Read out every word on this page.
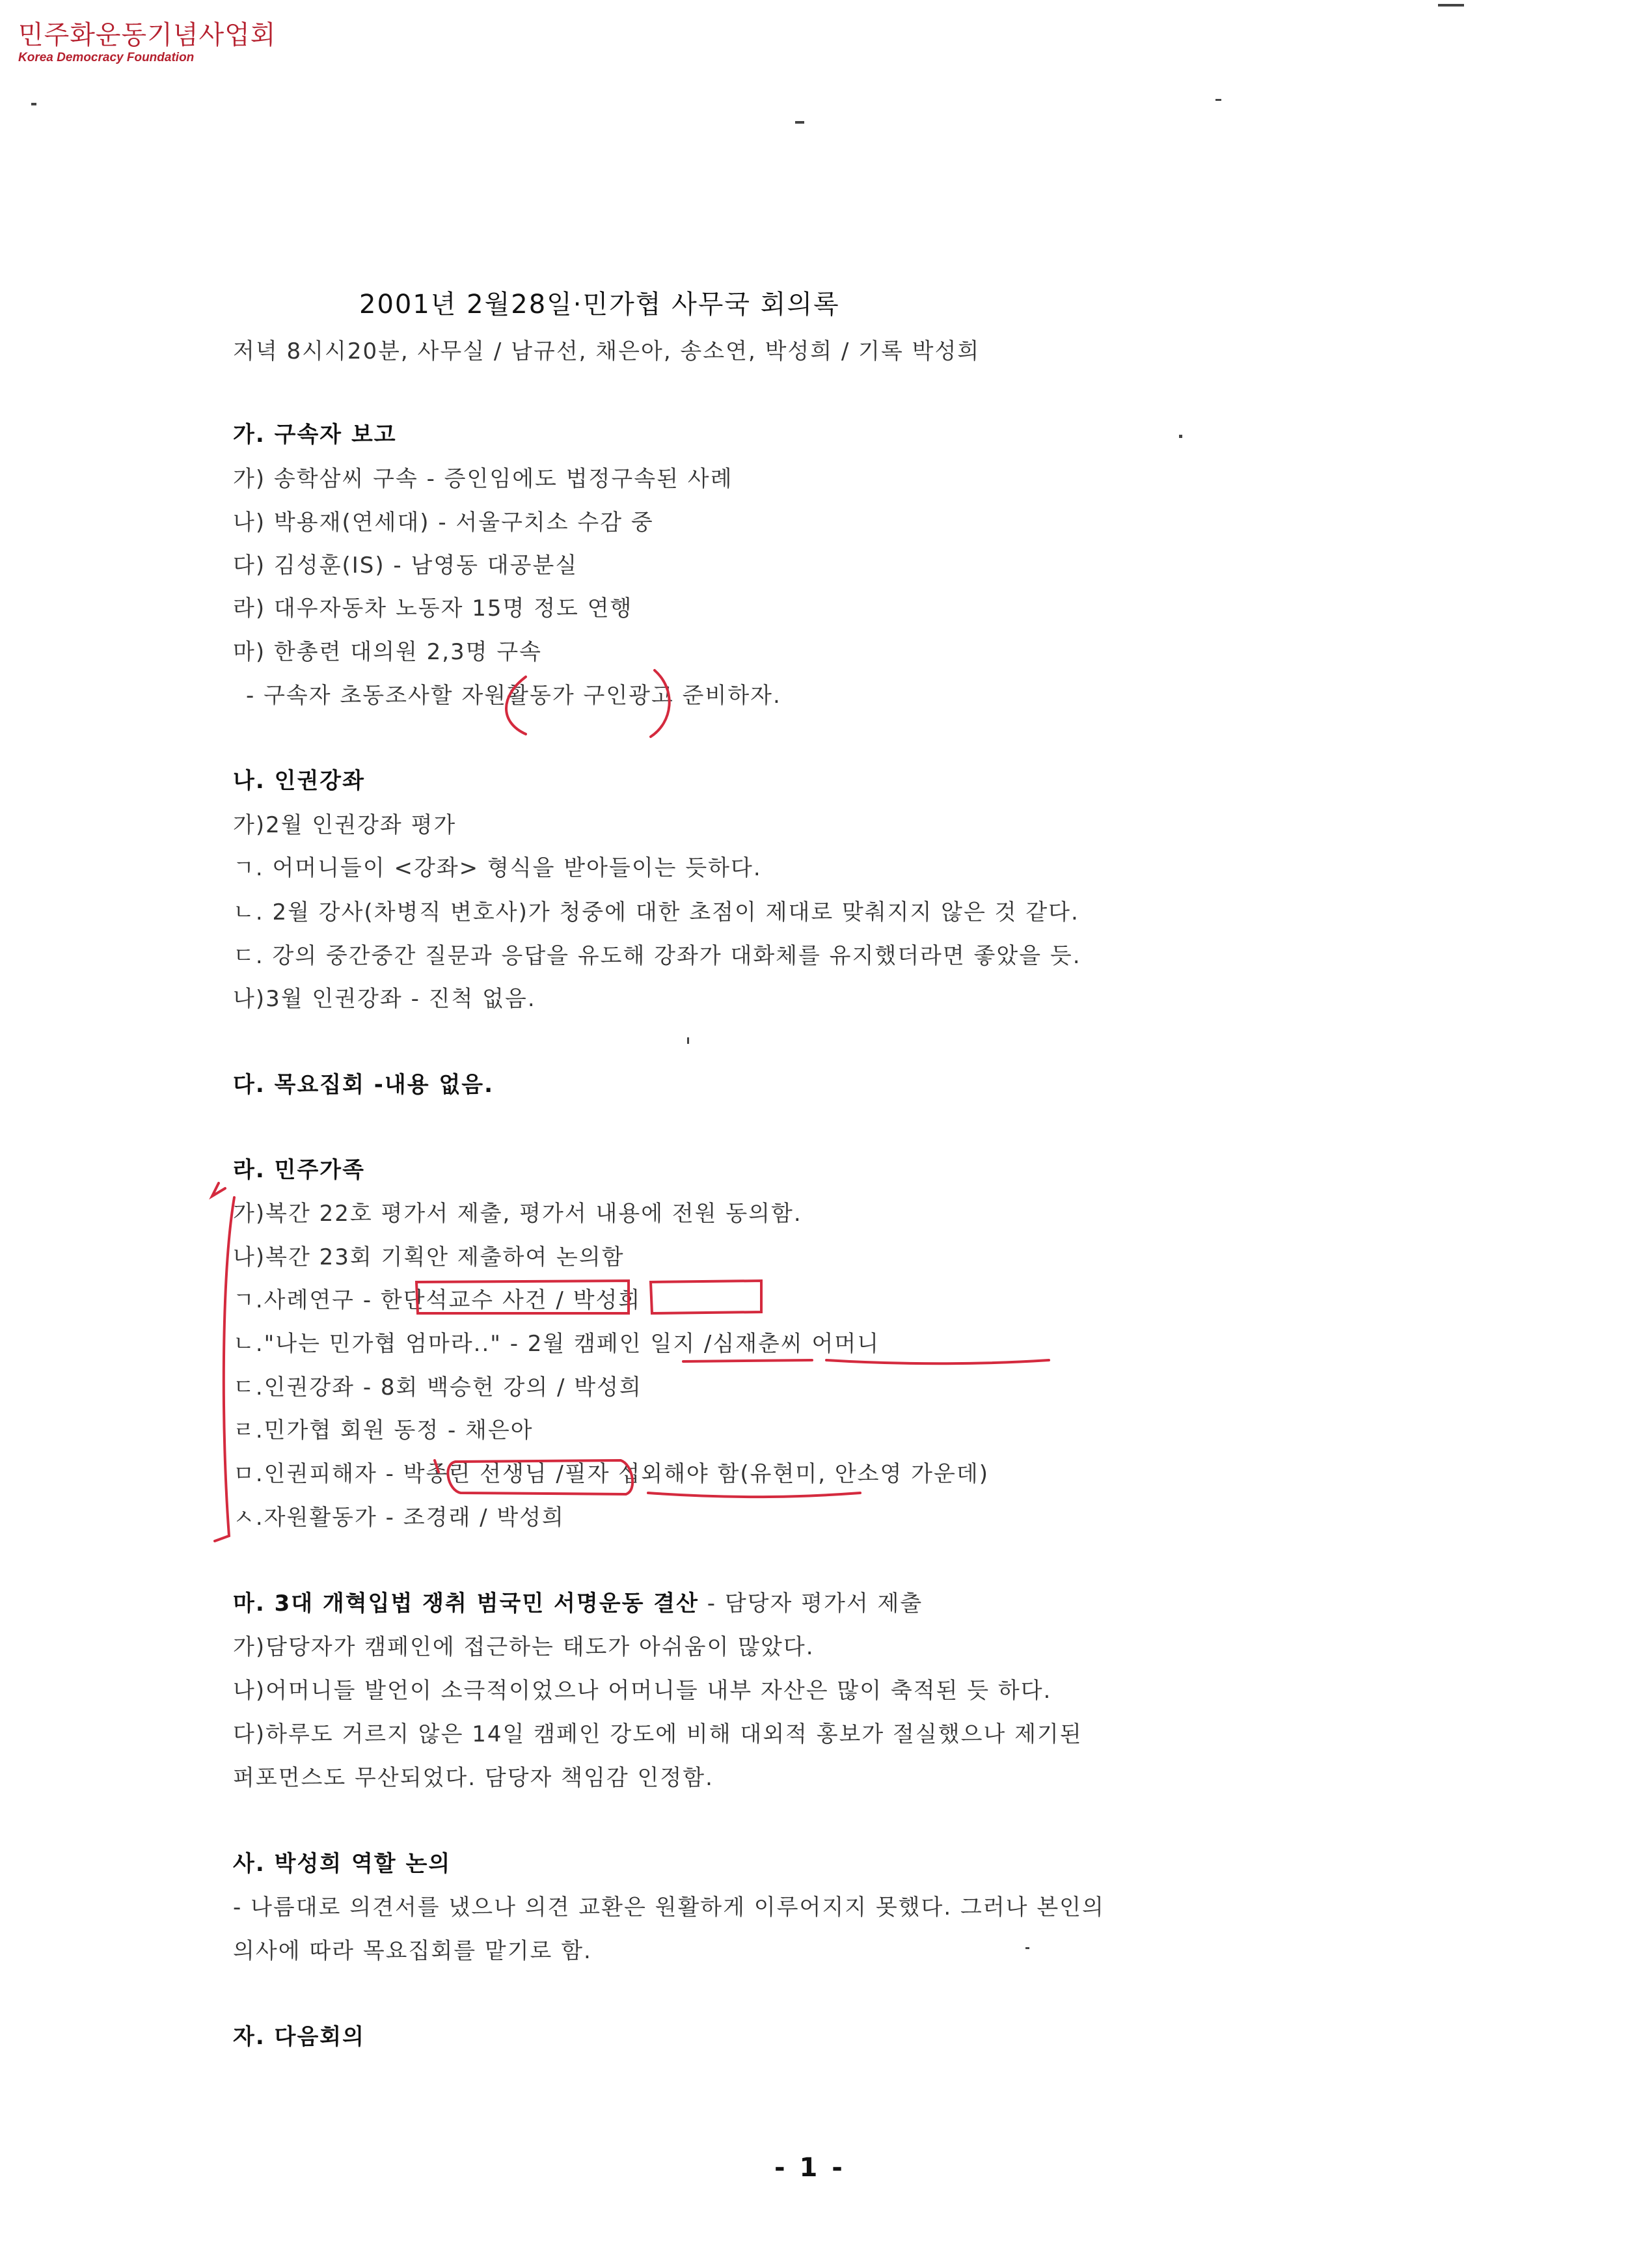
민주화운동기념사업회
Korea Democracy Foundation
2001년 2월28일·민가협 사무국 회의록
저녁 8시시20분, 사무실 / 남규선, 채은아, 송소연, 박성희 / 기록 박성희
가. 구속자 보고
가) 송학삼씨 구속 - 증인임에도 법정구속된 사례
나) 박용재(연세대) - 서울구치소 수감 중
다) 김성훈(IS) - 남영동 대공분실
라) 대우자동차 노동자 15명 정도 연행
마) 한총련 대의원 2,3명 구속
- 구속자 초동조사할 자원활동가 구인광고 준비하자.
나. 인권강좌
가)2월 인권강좌 평가
ㄱ. 어머니들이 <강좌> 형식을 받아들이는 듯하다.
ㄴ. 2월 강사(차병직 변호사)가 청중에 대한 초점이 제대로 맞춰지지 않은 것 같다.
ㄷ. 강의 중간중간 질문과 응답을 유도해 강좌가 대화체를 유지했더라면 좋았을 듯.
나)3월 인권강좌 - 진척 없음.
다. 목요집회 -내용 없음.
라. 민주가족
가)복간 22호 평가서 제출, 평가서 내용에 전원 동의함.
나)복간 23회 기획안 제출하여 논의함
ㄱ.사례연구 - 한단석교수 사건 / 박성희
ㄴ."나는 민가협 엄마라.." - 2월 캠페인 일지 /심재춘씨 어머니
ㄷ.인권강좌 - 8회 백승헌 강의 / 박성희
ㄹ.민가협 회원 동정 - 채은아
ㅁ.인권피해자 - 박종린 선생님 /필자 섭외해야 함(유현미, 안소영 가운데)
ㅅ.자원활동가 - 조경래 / 박성희
마. 3대 개혁입법 쟁취 범국민 서명운동 결산 - 담당자 평가서 제출
가)담당자가 캠페인에 접근하는 태도가 아쉬움이 많았다.
나)어머니들 발언이 소극적이었으나 어머니들 내부 자산은 많이 축적된 듯 하다.
다)하루도 거르지 않은 14일 캠페인 강도에 비해 대외적 홍보가 절실했으나 제기된
퍼포먼스도 무산되었다. 담당자 책임감 인정함.
사. 박성희 역할 논의
- 나름대로 의견서를 냈으나 의견 교환은 원활하게 이루어지지 못했다. 그러나 본인의
의사에 따라 목요집회를 맡기로 함.
자. 다음회의
- 1 -
